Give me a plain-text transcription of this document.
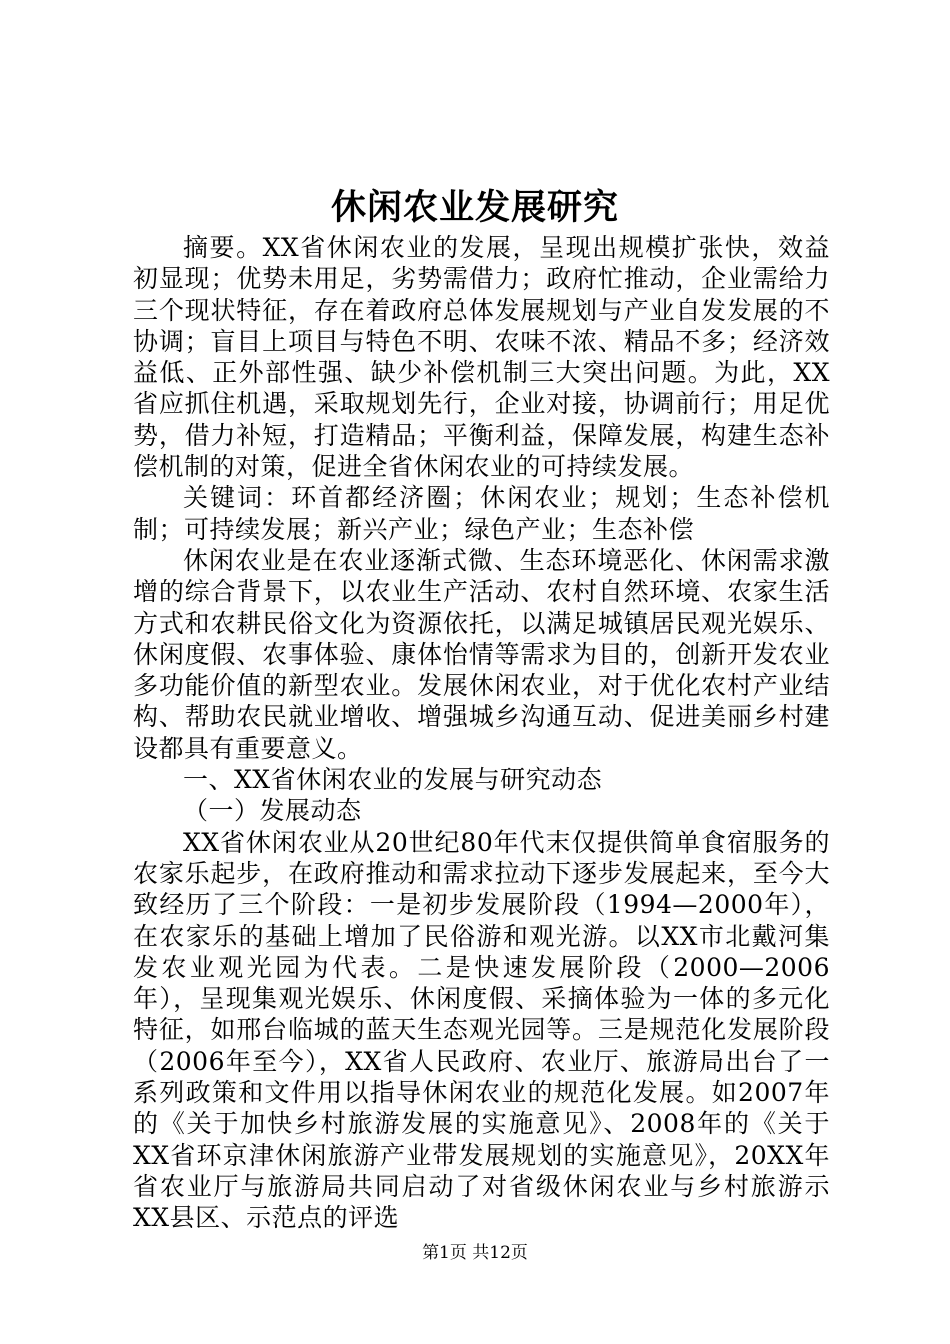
休闲农业发展研究

摘要。XX省休闲农业的发展，呈现出规模扩张快，效益初显现；优势未用足，劣势需借力；政府忙推动，企业需给力三个现状特征，存在着政府总体发展规划与产业自发发展的不协调；盲目上项目与特色不明、农味不浓、精品不多；经济效益低、正外部性强、缺少补偿机制三大突出问题。为此，XX省应抓住机遇，采取规划先行，企业对接，协调前行；用足优势，借力补短，打造精品；平衡利益，保障发展，构建生态补偿机制的对策，促进全省休闲农业的可持续发展。

关键词：环首都经济圈；休闲农业；规划；生态补偿机制；可持续发展；新兴产业；绿色产业；生态补偿

休闲农业是在农业逐渐式微、生态环境恶化、休闲需求激增的综合背景下，以农业生产活动、农村自然环境、农家生活方式和农耕民俗文化为资源依托，以满足城镇居民观光娱乐、休闲度假、农事体验、康体怡情等需求为目的，创新开发农业多功能价值的新型农业。发展休闲农业，对于优化农村产业结构、帮助农民就业增收、增强城乡沟通互动、促进美丽乡村建设都具有重要意义。

一、XX省休闲农业的发展与研究动态

（一）发展动态

XX省休闲农业从20世纪80年代末仅提供简单食宿服务的农家乐起步，在政府推动和需求拉动下逐步发展起来，至今大致经历了三个阶段：一是初步发展阶段（1994—2000年），在农家乐的基础上增加了民俗游和观光游。以XX市北戴河集发农业观光园为代表。二是快速发展阶段（2000—2006年），呈现集观光娱乐、休闲度假、采摘体验为一体的多元化特征，如邢台临城的蓝天生态观光园等。三是规范化发展阶段（2006年至今），XX省人民政府、农业厅、旅游局出台了一系列政策和文件用以指导休闲农业的规范化发展。如2007年的《关于加快乡村旅游发展的实施意见》、2008年的《关于XX省环京津休闲旅游产业带发展规划的实施意见》，20XX年省农业厅与旅游局共同启动了对省级休闲农业与乡村旅游示XX县区、示范点的评选

第1页 共12页
